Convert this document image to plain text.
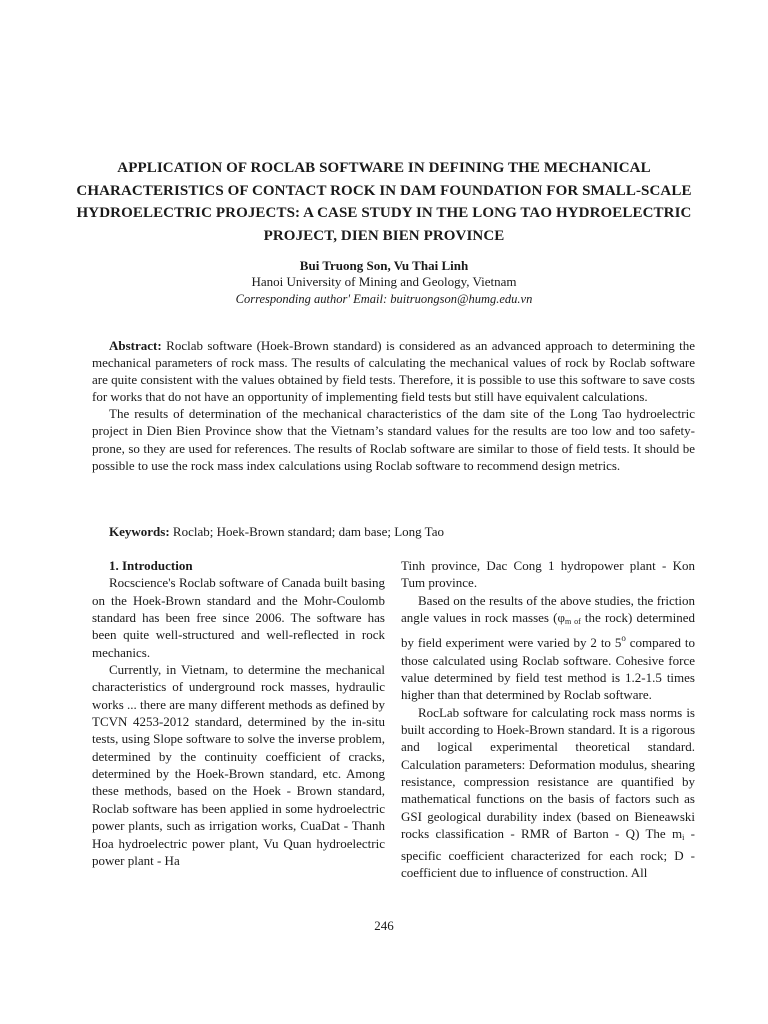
APPLICATION OF ROCLAB SOFTWARE IN DEFINING THE MECHANICAL CHARACTERISTICS OF CONTACT ROCK IN DAM FOUNDATION FOR SMALL-SCALE HYDROELECTRIC PROJECTS: A CASE STUDY IN THE LONG TAO HYDROELECTRIC PROJECT, DIEN BIEN PROVINCE
Bui Truong Son, Vu Thai Linh
Hanoi University of Mining and Geology, Vietnam
Corresponding author' Email: buitruongson@humg.edu.vn

Abstract: Roclab software (Hoek-Brown standard) is considered as an advanced approach to determining the mechanical parameters of rock mass. The results of calculating the mechanical values of rock by Roclab software are quite consistent with the values obtained by field tests. Therefore, it is possible to use this software to save costs for works that do not have an opportunity of implementing field tests but still have equivalent calculations.

The results of determination of the mechanical characteristics of the dam site of the Long Tao hydroelectric project in Dien Bien Province show that the Vietnam’s standard values for the results are too low and too safety-prone, so they are used for references. The results of Roclab software are similar to those of field tests. It should be possible to use the rock mass index calculations using Roclab software to recommend design metrics.

Keywords: Roclab; Hoek-Brown standard; dam base; Long Tao

1. Introduction

Rocscience's Roclab software of Canada built basing on the Hoek-Brown standard and the Mohr-Coulomb standard has been free since 2006. The software has been quite well-structured and well-reflected in rock mechanics.

Currently, in Vietnam, to determine the mechanical characteristics of underground rock masses, hydraulic works ... there are many different methods as defined by TCVN 4253-2012 standard, determined by the in-situ tests, using Slope software to solve the inverse problem, determined by the continuity coefficient of cracks, determined by the Hoek-Brown standard, etc. Among these methods, based on the Hoek - Brown standard, Roclab software has been applied in some hydroelectric power plants, such as irrigation works, CuaDat - Thanh Hoa hydroelectric power plant, Vu Quan hydroelectric power plant - Ha

Tinh province, Dac Cong 1 hydropower plant - Kon Tum province.

Based on the results of the above studies, the friction angle values in rock masses ($\varphi_{m of}$ the rock) determined by field experiment were varied by 2 to 5$^o$ compared to those calculated using Roclab software. Cohesive force value determined by field test method is 1.2-1.5 times higher than that determined by Roclab software.

RocLab software for calculating rock mass norms is built according to Hoek-Brown standard. It is a rigorous and logical experimental theoretical standard. Calculation parameters: Deformation modulus, shearing resistance, compression resistance are quantified by mathematical functions on the basis of factors such as GSI geological durability index (based on Bieneawski rocks classification - RMR of Barton - Q) The $m_i$ - specific coefficient characterized for each rock; D - coefficient due to influence of construction. All

246
